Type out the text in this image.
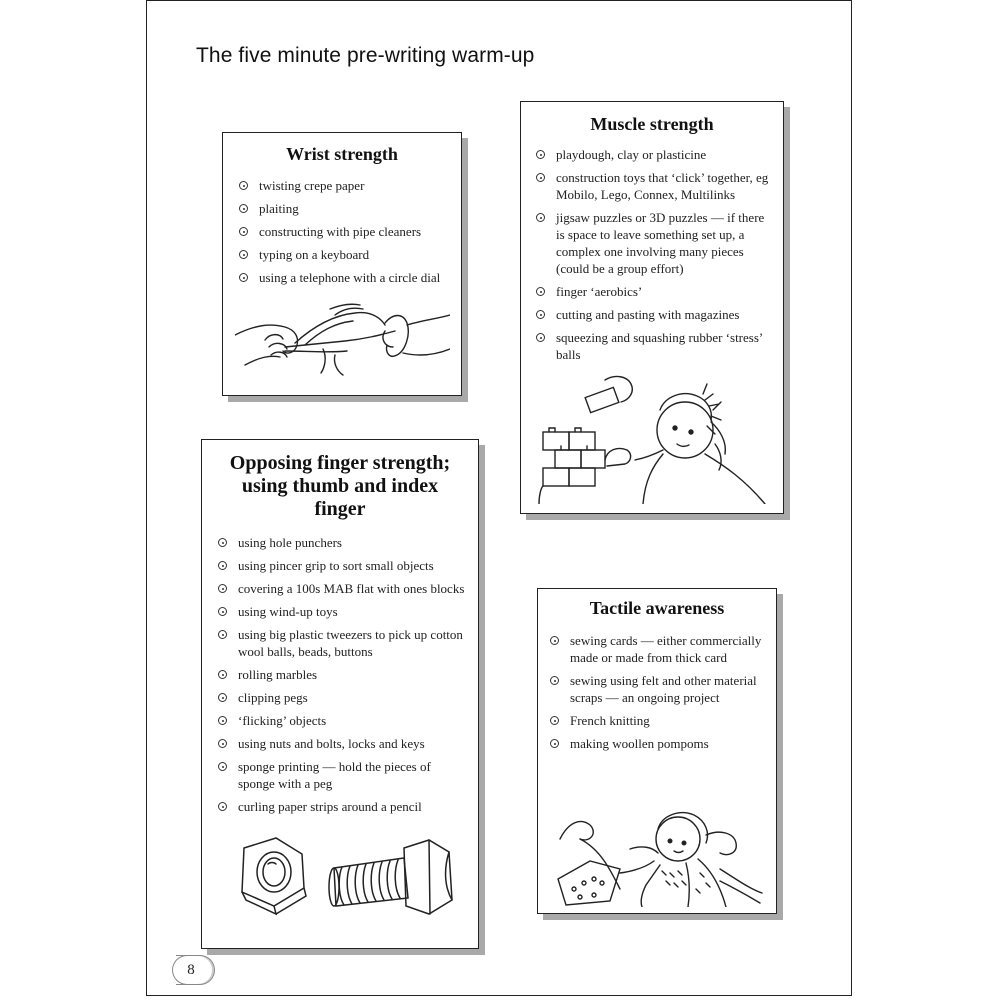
The five minute pre-writing warm-up
Wrist strength
twisting crepe paper
plaiting
constructing with pipe cleaners
typing on a keyboard
using a telephone with a circle dial
Muscle strength
playdough, clay or plasticine
construction toys that ‘click’ together, eg Mobilo, Lego, Connex, Multilinks
jigsaw puzzles or 3D puzzles — if there is space to leave something set up, a complex one involving many pieces (could be a group effort)
finger ‘aerobics’
cutting and pasting with magazines
squeezing and squashing rubber ‘stress’ balls
Opposing finger strength; using thumb and index finger
using hole punchers
using pincer grip to sort small objects
covering a 100s MAB flat with ones blocks
using wind-up toys
using big plastic tweezers to pick up cotton wool balls, beads, buttons
rolling marbles
clipping pegs
‘flicking’ objects
using nuts and bolts, locks and keys
sponge printing — hold the pieces of sponge with a peg
curling paper strips around a pencil
Tactile awareness
sewing cards — either commercially made or made from thick card
sewing using felt and other material scraps — an ongoing project
French knitting
making woollen pompoms
8
